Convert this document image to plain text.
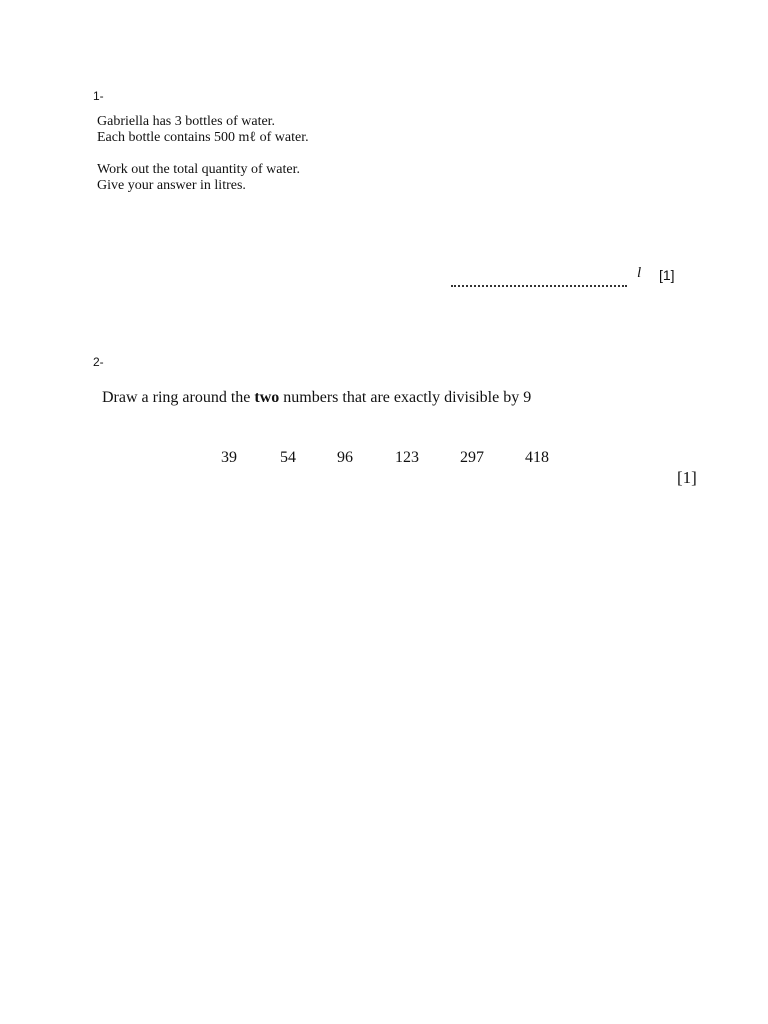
1-
Gabriella has 3 bottles of water.
Each bottle contains 500 mℓ of water.
Work out the total quantity of water.
Give your answer in litres.
l [1]
2-
Draw a ring around the two numbers that are exactly divisible by 9
39	54	96	123	297	418
[1]
